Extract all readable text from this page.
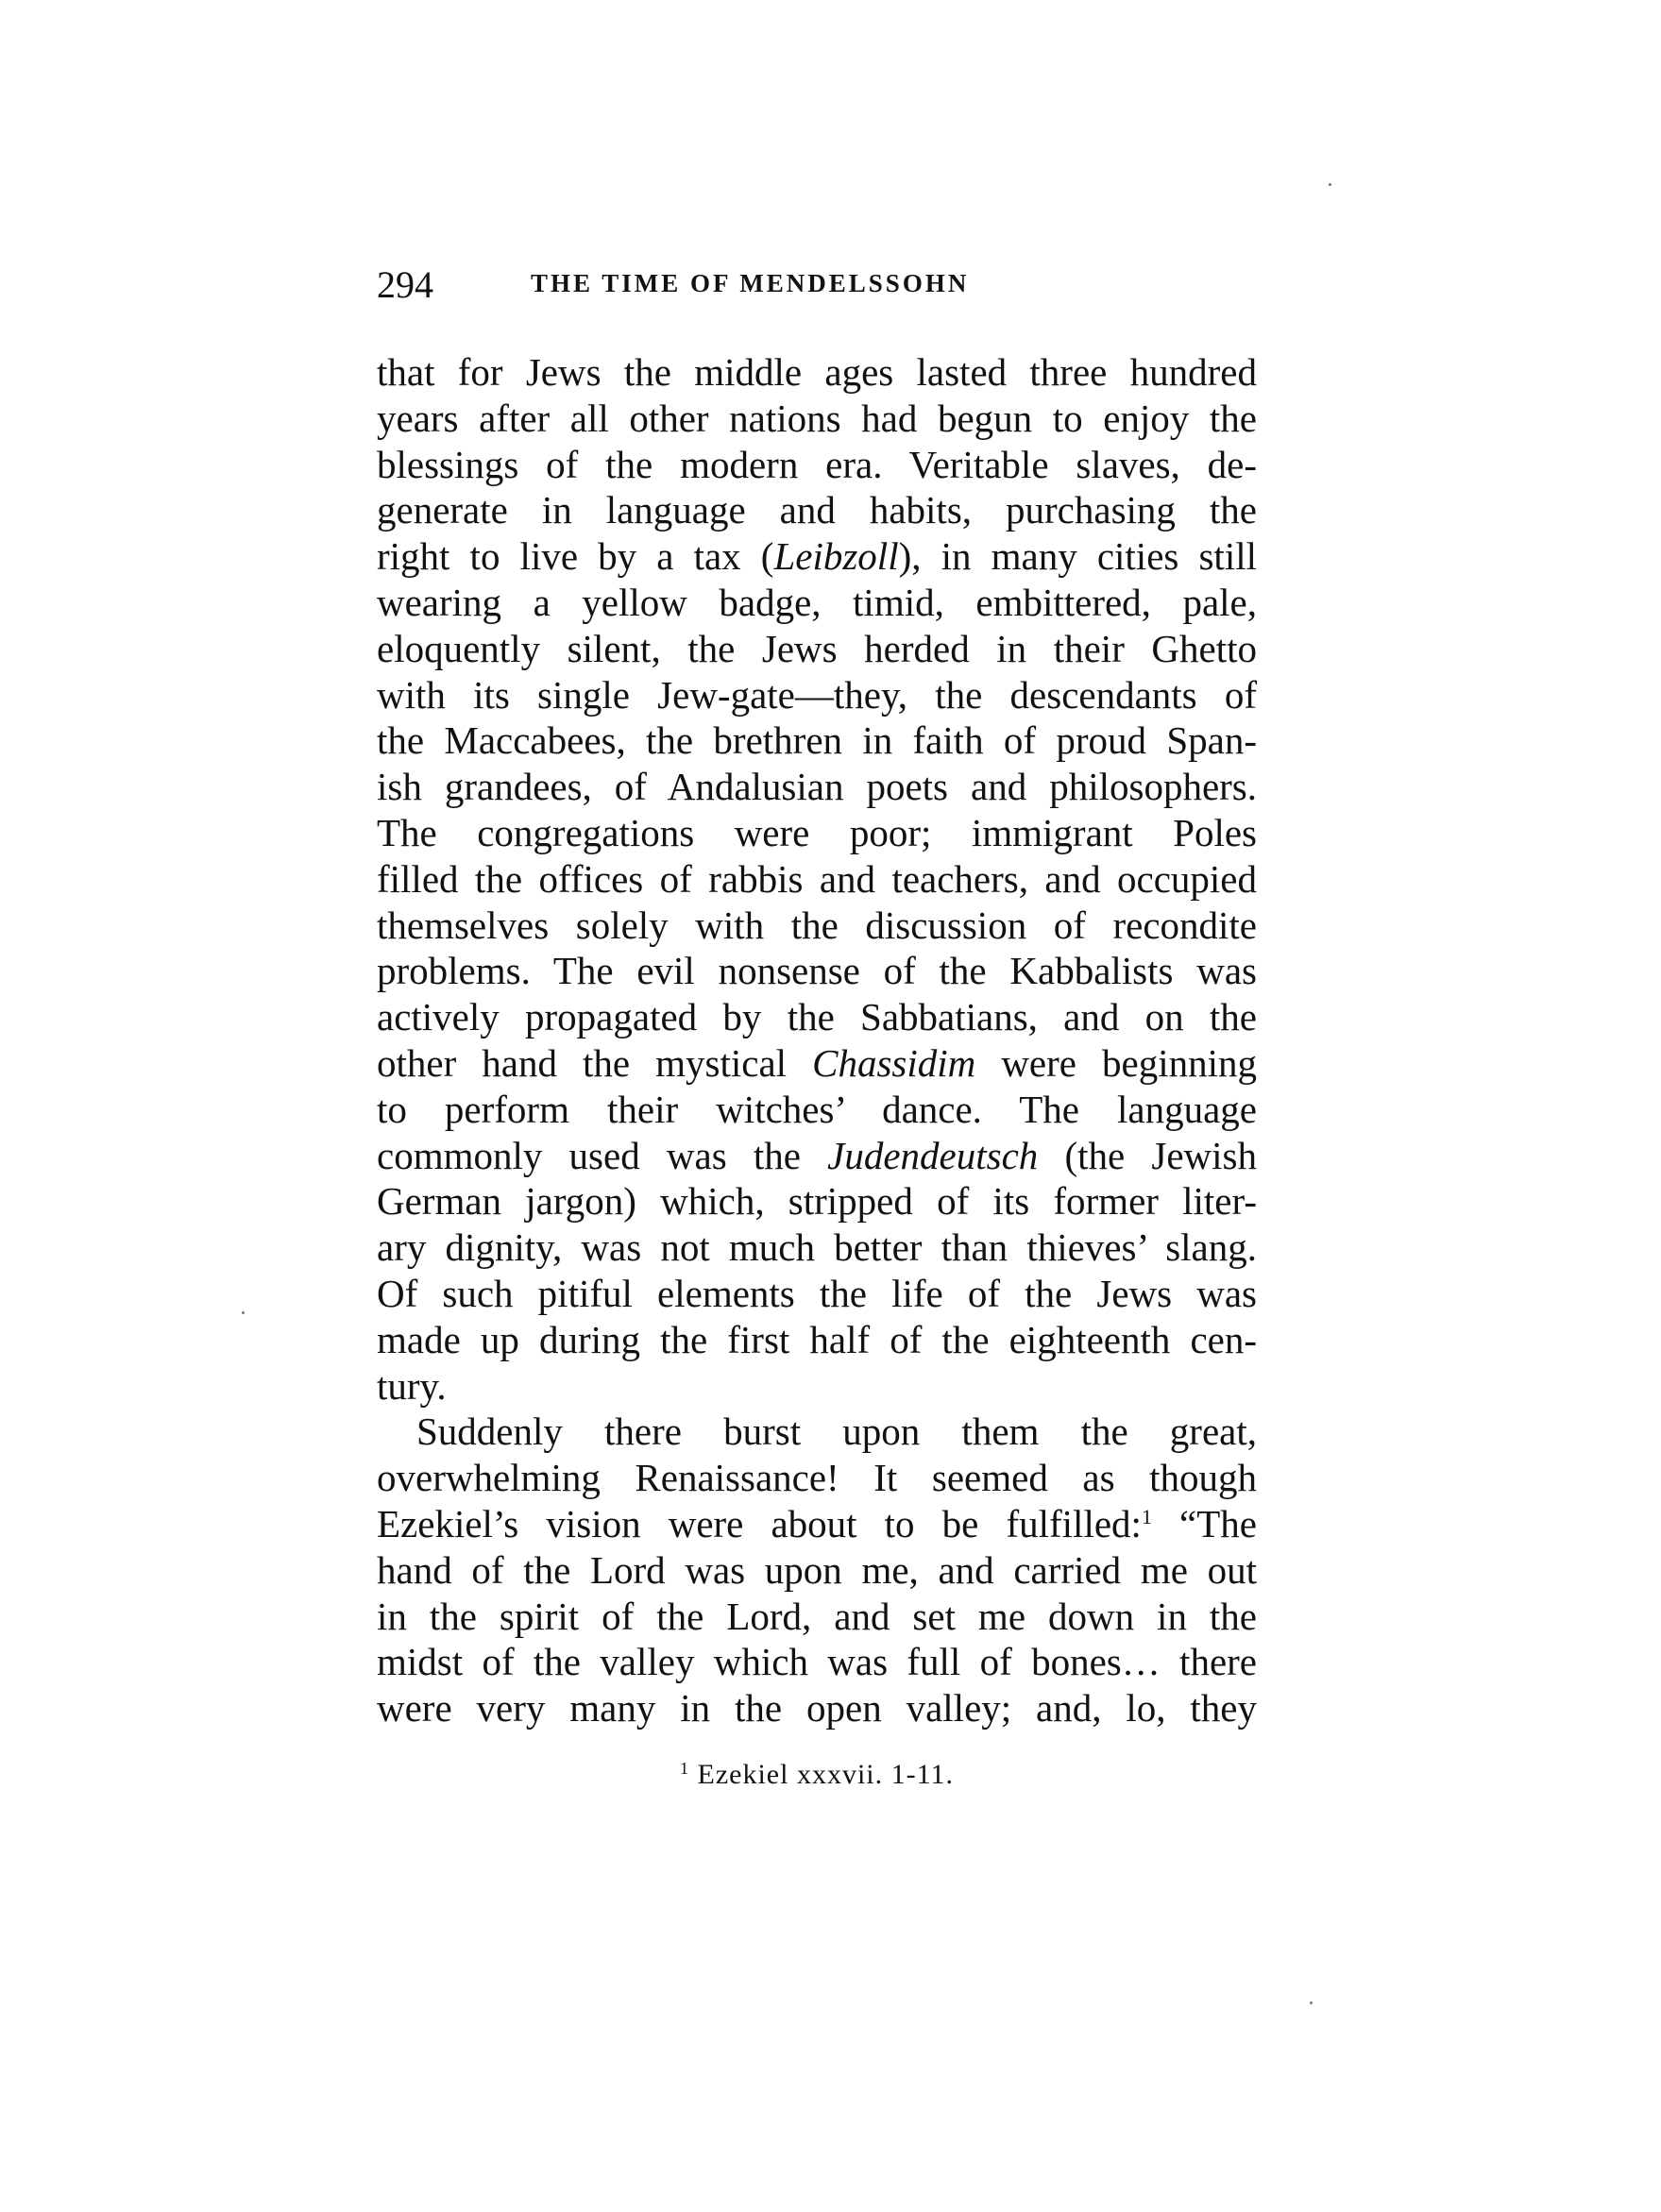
294	THE TIME OF MENDELSSOHN
that for Jews the middle ages lasted three hundred
years after all other nations had begun to enjoy the
blessings of the modern era. Veritable slaves, de-
generate in language and habits, purchasing the
right to live by a tax (Leibzoll), in many cities still
wearing a yellow badge, timid, embittered, pale,
eloquently silent, the Jews herded in their Ghetto
with its single Jew-gate—they, the descendants of
the Maccabees, the brethren in faith of proud Span-
ish grandees, of Andalusian poets and philosophers.
The congregations were poor; immigrant Poles
filled the offices of rabbis and teachers, and occupied
themselves solely with the discussion of recondite
problems. The evil nonsense of the Kabbalists was
actively propagated by the Sabbatians, and on the
other hand the mystical Chassidim were beginning
to perform their witches’ dance. The language
commonly used was the Judendeutsch (the Jewish
German jargon) which, stripped of its former liter-
ary dignity, was not much better than thieves’ slang.
Of such pitiful elements the life of the Jews was
made up during the first half of the eighteenth cen-
tury.
Suddenly there burst upon them the great,
overwhelming Renaissance! It seemed as though
Ezekiel’s vision were about to be fulfilled:$^1$ “The
hand of the Lord was upon me, and carried me out
in the spirit of the Lord, and set me down in the
midst of the valley which was full of bones… there
were very many in the open valley; and, lo, they
$^1$ Ezekiel xxxvii. 1-11.
